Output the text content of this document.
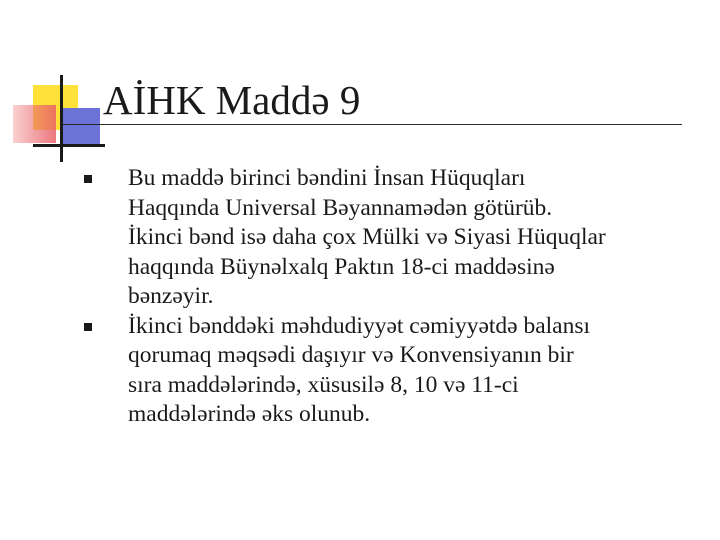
AİHK Maddə 9
Bu maddə birinci bəndini İnsan Hüquqları
Haqqında Universal Bəyannamədən götürüb.
İkinci bənd isə daha çox Mülki və Siyasi Hüquqlar
haqqında Büynəlxalq Paktın 18-ci maddəsinə
bənzəyir.
İkinci bənddəki məhdudiyyət cəmiyyətdə balansı
qorumaq məqsədi daşıyır və Konvensiyanın bir
sıra maddələrində, xüsusilə 8, 10 və 11-ci
maddələrində əks olunub.
